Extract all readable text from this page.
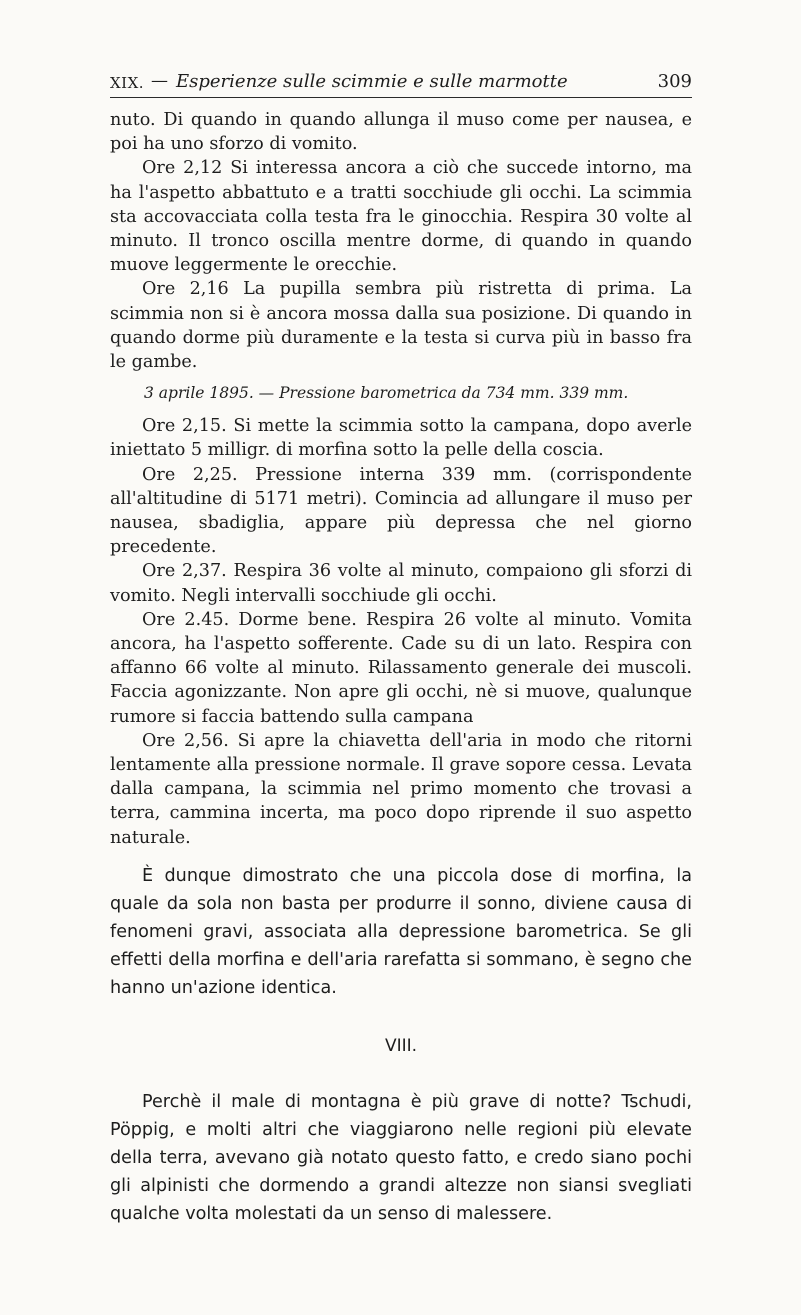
XIX. — Esperienze sulle scimmie e sulle marmotte	309

nuto. Di quando in quando allunga il muso come per nausea, e poi ha uno sforzo di vomito.

Ore 2,12 Si interessa ancora a ciò che succede intorno, ma ha l'aspetto abbattuto e a tratti socchiude gli occhi. La scimmia sta accovacciata colla testa fra le ginocchia. Respira 30 volte al minuto. Il tronco oscilla mentre dorme, di quando in quando muove leggermente le orecchie.

Ore 2,16 La pupilla sembra più ristretta di prima. La scimmia non si è ancora mossa dalla sua posizione. Di quando in quando dorme più duramente e la testa si curva più in basso fra le gambe.

3 aprile 1895. — Pressione barometrica da 734 mm. 339 mm.

Ore 2,15. Si mette la scimmia sotto la campana, dopo averle iniettato 5 milligr. di morfina sotto la pelle della coscia.

Ore 2,25. Pressione interna 339 mm. (corrispondente all'altitudine di 5171 metri). Comincia ad allungare il muso per nausea, sbadiglia, appare più depressa che nel giorno precedente.

Ore 2,37. Respira 36 volte al minuto, compaiono gli sforzi di vomito. Negli intervalli socchiude gli occhi.

Ore 2.45. Dorme bene. Respira 26 volte al minuto. Vomita ancora, ha l'aspetto sofferente. Cade su di un lato. Respira con affanno 66 volte al minuto. Rilassamento generale dei muscoli. Faccia agonizzante. Non apre gli occhi, nè si muove, qualunque rumore si faccia battendo sulla campana

Ore 2,56. Si apre la chiavetta dell'aria in modo che ritorni lentamente alla pressione normale. Il grave sopore cessa. Levata dalla campana, la scimmia nel primo momento che trovasi a terra, cammina incerta, ma poco dopo riprende il suo aspetto naturale.

È dunque dimostrato che una piccola dose di morfina, la quale da sola non basta per produrre il sonno, diviene causa di fenomeni gravi, associata alla depressione barometrica. Se gli effetti della morfina e dell'aria rarefatta si sommano, è segno che hanno un'azione identica.

VIII.

Perchè il male di montagna è più grave di notte? Tschudi, Pöppig, e molti altri che viaggiarono nelle regioni più elevate della terra, avevano già notato questo fatto, e credo siano pochi gli alpinisti che dormendo a grandi altezze non siansi svegliati qualche volta molestati da un senso di malessere.
